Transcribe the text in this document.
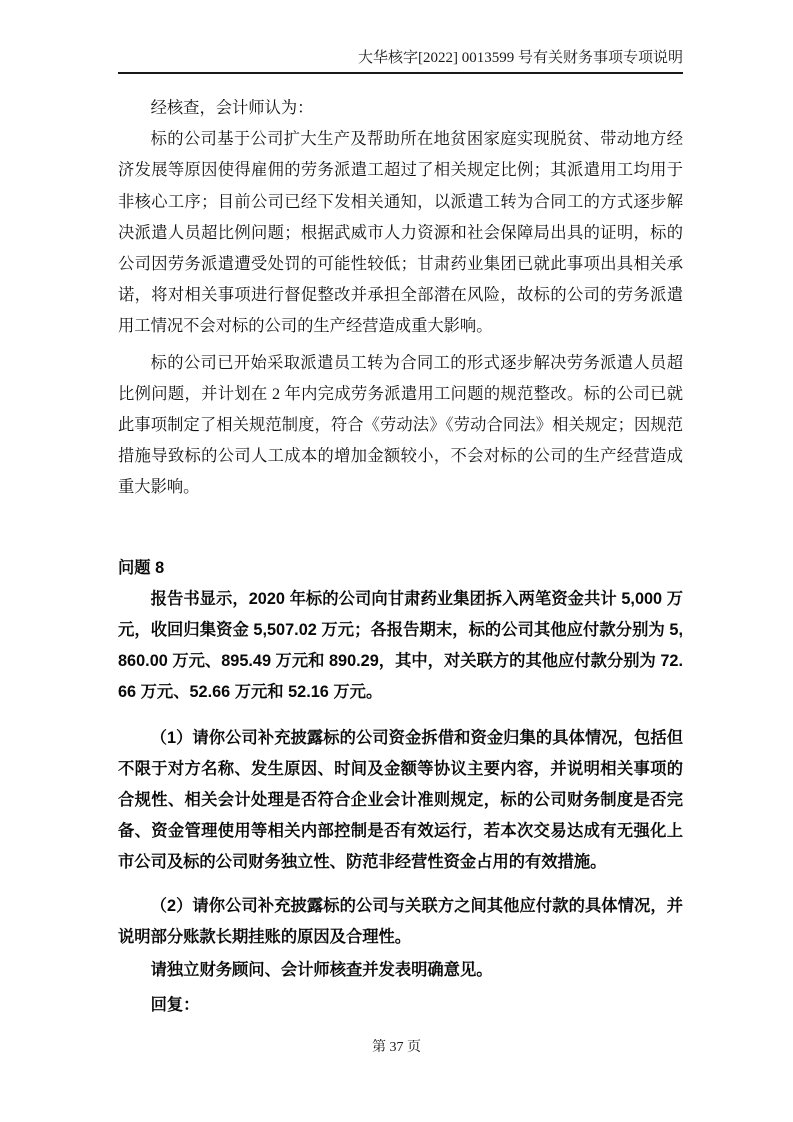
大华核字[2022] 0013599 号有关财务事项专项说明

经核查，会计师认为：

标的公司基于公司扩大生产及帮助所在地贫困家庭实现脱贫、带动地方经济发展等原因使得雇佣的劳务派遣工超过了相关规定比例；其派遣用工均用于非核心工序；目前公司已经下发相关通知，以派遣工转为合同工的方式逐步解决派遣人员超比例问题；根据武威市人力资源和社会保障局出具的证明，标的公司因劳务派遣遭受处罚的可能性较低；甘肃药业集团已就此事项出具相关承诺，将对相关事项进行督促整改并承担全部潜在风险，故标的公司的劳务派遣用工情况不会对标的公司的生产经营造成重大影响。

标的公司已开始采取派遣员工转为合同工的形式逐步解决劳务派遣人员超比例问题，并计划在 2 年内完成劳务派遣用工问题的规范整改。标的公司已就此事项制定了相关规范制度，符合《劳动法》《劳动合同法》相关规定；因规范措施导致标的公司人工成本的增加金额较小，不会对标的公司的生产经营造成重大影响。

问题 8

报告书显示，2020 年标的公司向甘肃药业集团拆入两笔资金共计 5,000 万元，收回归集资金 5,507.02 万元；各报告期末，标的公司其他应付款分别为 5,860.00 万元、895.49 万元和 890.29，其中，对关联方的其他应付款分别为 72.66 万元、52.66 万元和 52.16 万元。

（1）请你公司补充披露标的公司资金拆借和资金归集的具体情况，包括但不限于对方名称、发生原因、时间及金额等协议主要内容，并说明相关事项的合规性、相关会计处理是否符合企业会计准则规定，标的公司财务制度是否完备、资金管理使用等相关内部控制是否有效运行，若本次交易达成有无强化上市公司及标的公司财务独立性、防范非经营性资金占用的有效措施。

（2）请你公司补充披露标的公司与关联方之间其他应付款的具体情况，并说明部分账款长期挂账的原因及合理性。

请独立财务顾问、会计师核查并发表明确意见。

回复：

第 37 页
